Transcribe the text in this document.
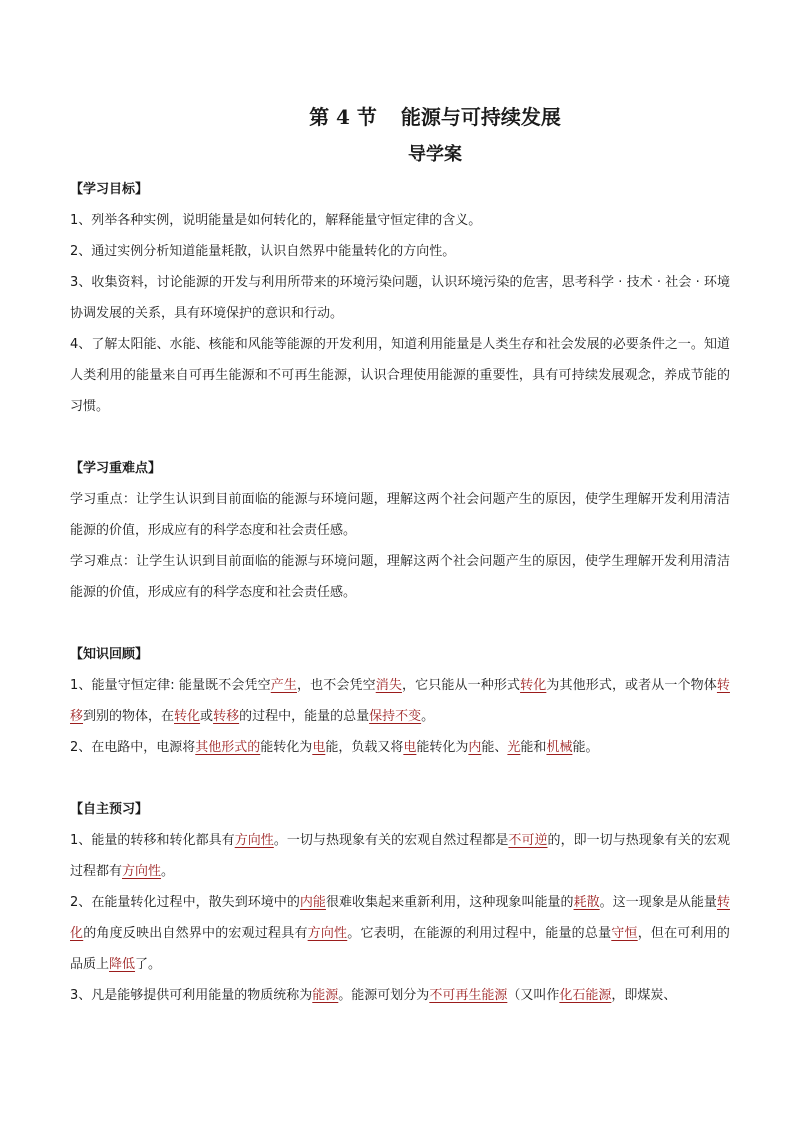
第 4 节 能源与可持续发展
导学案

【学习目标】

1、列举各种实例，说明能量是如何转化的，解释能量守恒定律的含义。

2、通过实例分析知道能量耗散，认识自然界中能量转化的方向性。

3、收集资料，讨论能源的开发与利用所带来的环境污染问题，认识环境污染的危害，思考科学 · 技术 · 社会 · 环境协调发展的关系，具有环境保护的意识和行动。

4、了解太阳能、水能、核能和风能等能源的开发利用，知道利用能量是人类生存和社会发展的必要条件之一。知道人类利用的能量来自可再生能源和不可再生能源，认识合理使用能源的重要性，具有可持续发展观念，养成节能的习惯。

【学习重难点】

学习重点：让学生认识到目前面临的能源与环境问题，理解这两个社会问题产生的原因，使学生理解开发利用清洁能源的价值，形成应有的科学态度和社会责任感。

学习难点：让学生认识到目前面临的能源与环境问题，理解这两个社会问题产生的原因，使学生理解开发利用清洁能源的价值，形成应有的科学态度和社会责任感。

【知识回顾】

1、能量守恒定律: 能量既不会凭空产生，也不会凭空消失，它只能从一种形式转化为其他形式，或者从一个物体转移到别的物体，在转化或转移的过程中，能量的总量保持不变。

2、在电路中，电源将其他形式的能转化为电能，负载又将电能转化为内能、光能和机械能。

【自主预习】

1、能量的转移和转化都具有方向性。一切与热现象有关的宏观自然过程都是不可逆的，即一切与热现象有关的宏观过程都有方向性。

2、在能量转化过程中，散失到环境中的内能很难收集起来重新利用，这种现象叫能量的耗散。这一现象是从能量转化的角度反映出自然界中的宏观过程具有方向性。它表明，在能源的利用过程中，能量的总量守恒，但在可利用的品质上降低了。

3、凡是能够提供可利用能量的物质统称为能源。能源可划分为不可再生能源（又叫作化石能源，即煤炭、
